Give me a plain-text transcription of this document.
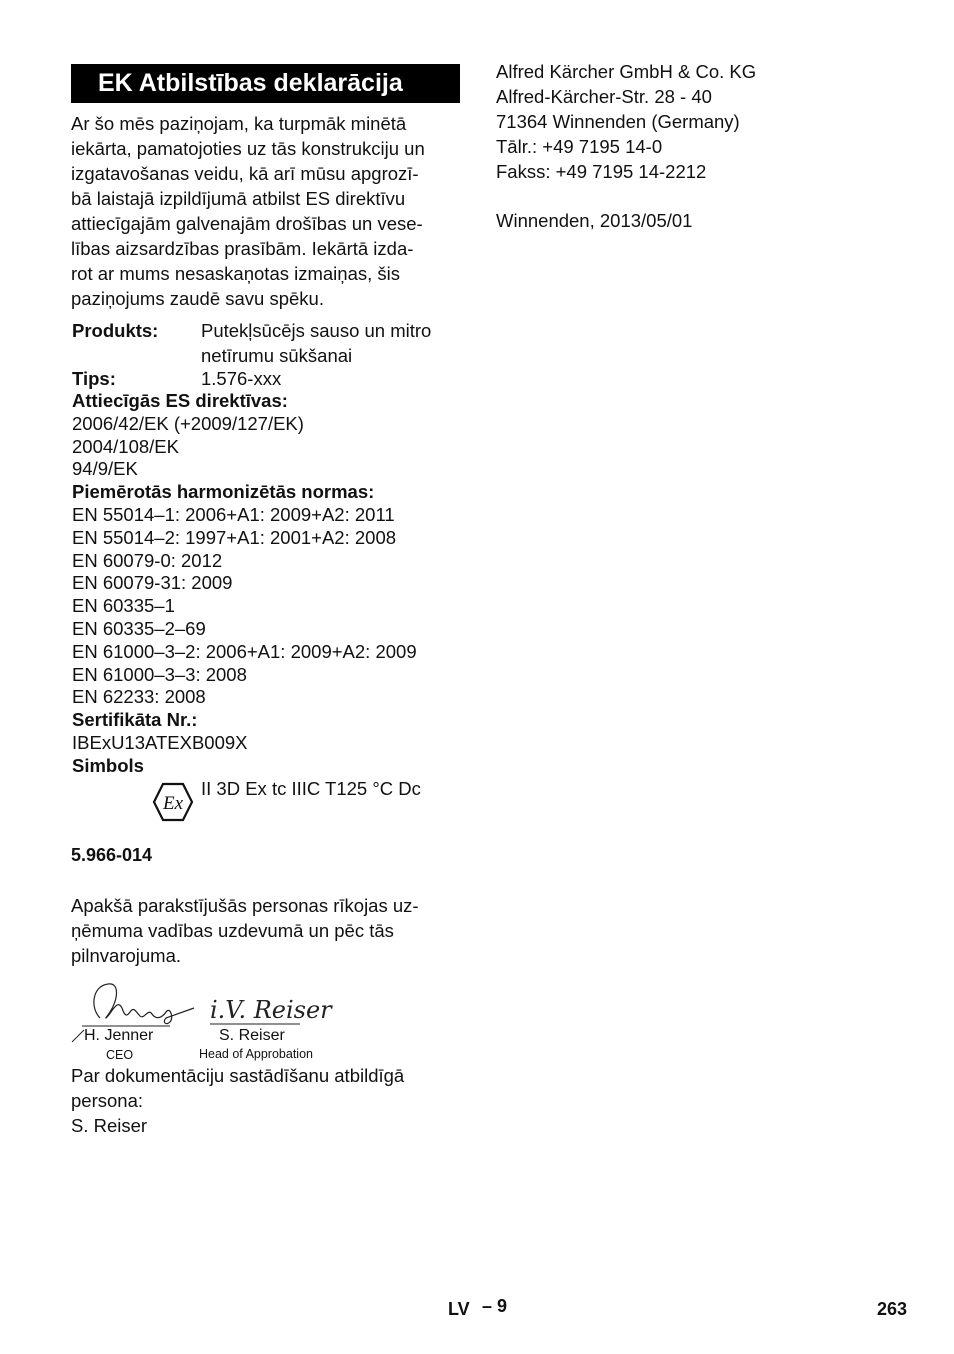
EK Atbilstības deklarācija
Ar šo mēs paziņojam, ka turpmāk minētā
iekārta, pamatojoties uz tās konstrukciju un
izgatavošanas veidu, kā arī mūsu apgrozī-
bā laistajā izpildījumā atbilst ES direktīvu
attiecīgajām galvenajām drošības un vese-
lības aizsardzības prasībām. Iekārtā izda-
rot ar mums nesaskaņotas izmaiņas, šis
paziņojums zaudē savu spēku.
Produkts: Putekļsūcējs sauso un mitro
netīrumu sūkšanai
Tips:	1.576-xxx
Attiecīgās ES direktīvas:
2006/42/EK (+2009/127/EK)
2004/108/EK
94/9/EK
Piemērotās harmonizētās normas:
EN 55014–1: 2006+A1: 2009+A2: 2011
EN 55014–2: 1997+A1: 2001+A2: 2008
EN 60079-0: 2012
EN 60079-31: 2009
EN 60335–1
EN 60335–2–69
EN 61000–3–2: 2006+A1: 2009+A2: 2009
EN 61000–3–3: 2008
EN 62233: 2008
Sertifikāta Nr.:
IBExU13ATEXB009X
Simbols
Ex
II 3D Ex tc IIIC T125 °C Dc
5.966-014
Apakšā parakstījušās personas rīkojas uz-
ņēmuma vadības uzdevumā un pēc tās
pilnvarojuma.
H. Jenner
CEO
i.V. Reiser
S. Reiser
Head of Approbation
Par dokumentāciju sastādīšanu atbildīgā
persona:
S. Reiser
Alfred Kärcher GmbH & Co. KG
Alfred-Kärcher-Str. 28 - 40
71364 Winnenden (Germany)
Tālr.: +49 7195 14-0
Fakss: +49 7195 14-2212
Winnenden, 2013/05/01
LV – 9	263
